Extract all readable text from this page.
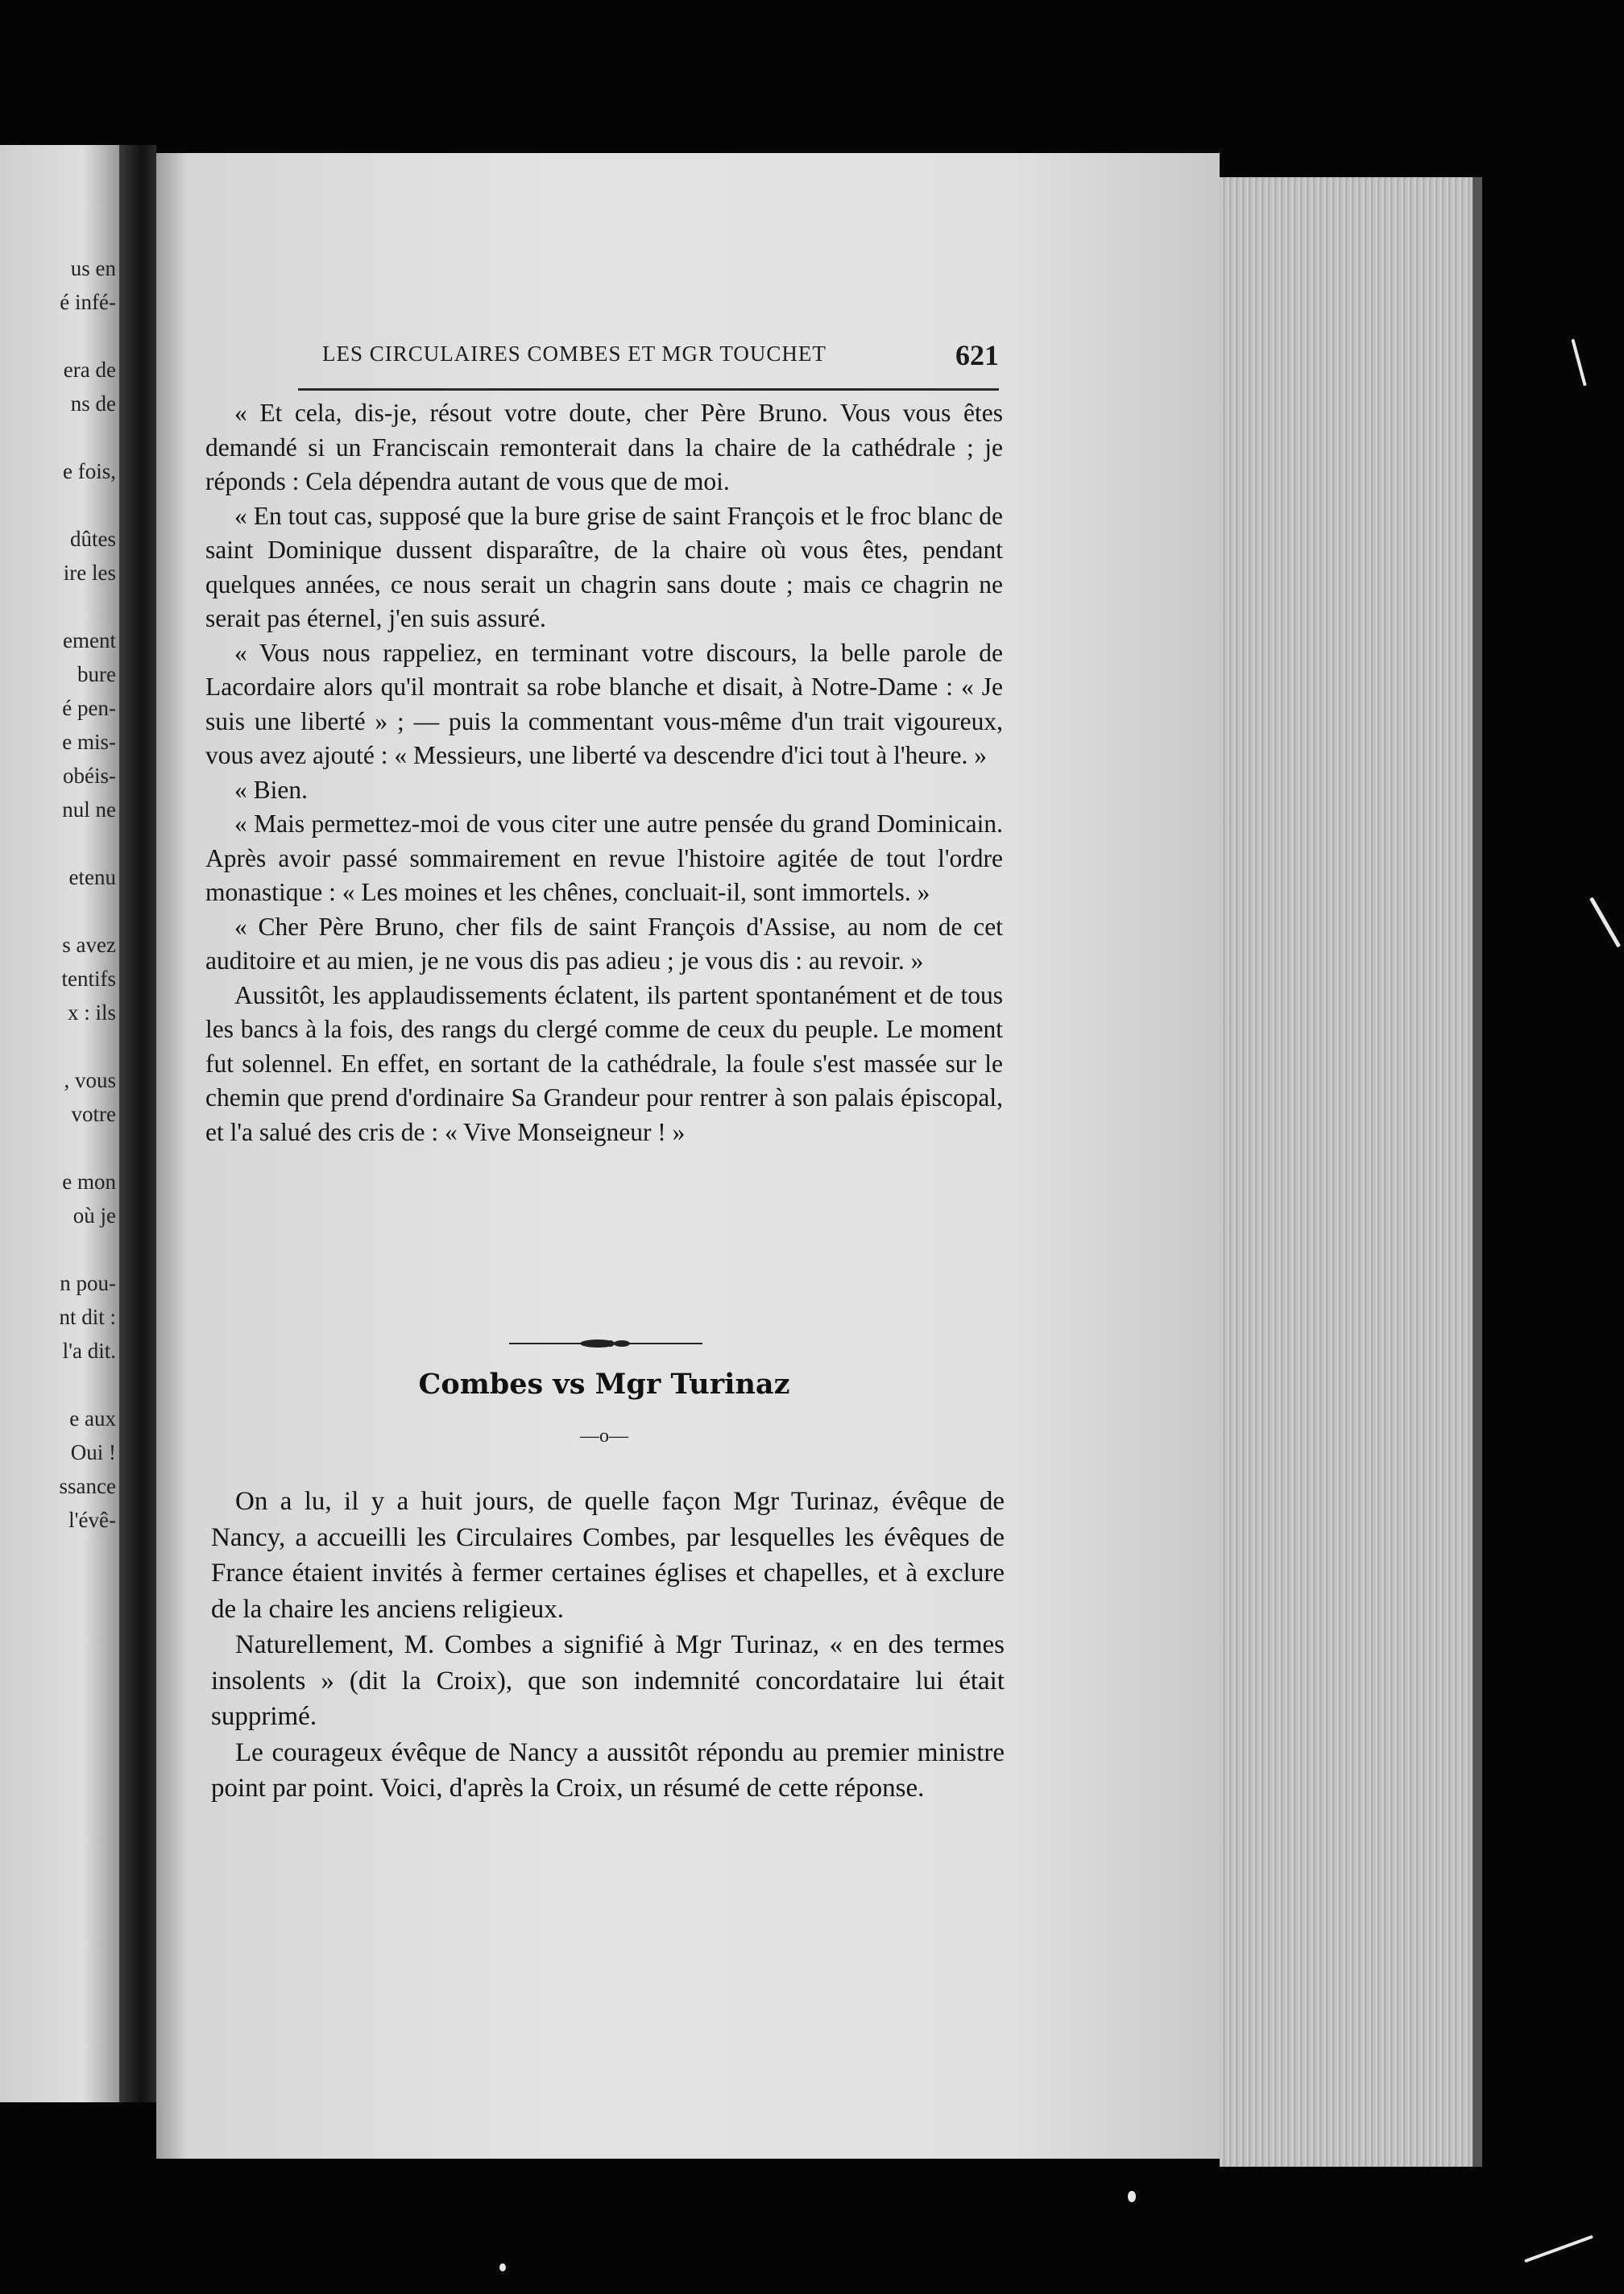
us en
é infé-
era de
ns de
e fois,
dûtes
ire les
ement
bure
é pen-
e mis-
obéis-
nul ne
etenu
s avez
tentifs
x : ils
, vous
votre
e mon
où je
n pou-
nt dit :
l'a dit.
e aux
Oui !
ssance
l'évê-
LES CIRCULAIRES COMBES ET MGR TOUCHET	621

« Et cela, dis-je, résout votre doute, cher Père Bruno. Vous vous êtes demandé si un Franciscain remonterait dans la chaire de la cathédrale ; je réponds : Cela dépendra autant de vous que de moi.

« En tout cas, supposé que la bure grise de saint François et le froc blanc de saint Dominique dussent disparaître, de la chaire où vous êtes, pendant quelques années, ce nous serait un chagrin sans doute ; mais ce chagrin ne serait pas éternel, j'en suis assuré.

« Vous nous rappeliez, en terminant votre discours, la belle parole de Lacordaire alors qu'il montrait sa robe blanche et disait, à Notre-Dame : « Je suis une liberté » ; — puis la commentant vous-même d'un trait vigoureux, vous avez ajouté : « Messieurs, une liberté va descendre d'ici tout à l'heure. »

« Bien.

« Mais permettez-moi de vous citer une autre pensée du grand Dominicain. Après avoir passé sommairement en revue l'histoire agitée de tout l'ordre monastique : « Les moines et les chênes, concluait-il, sont immortels. »

« Cher Père Bruno, cher fils de saint François d'Assise, au nom de cet auditoire et au mien, je ne vous dis pas adieu ; je vous dis : au revoir. »

Aussitôt, les applaudissements éclatent, ils partent spontanément et de tous les bancs à la fois, des rangs du clergé comme de ceux du peuple. Le moment fut solennel. En effet, en sortant de la cathédrale, la foule s'est massée sur le chemin que prend d'ordinaire Sa Grandeur pour rentrer à son palais épiscopal, et l'a salué des cris de : « Vive Monseigneur ! »

Combes vs Mgr Turinaz
—o—

On a lu, il y a huit jours, de quelle façon Mgr Turinaz, évêque de Nancy, a accueilli les Circulaires Combes, par lesquelles les évêques de France étaient invités à fermer certaines églises et chapelles, et à exclure de la chaire les anciens religieux.

Naturellement, M. Combes a signifié à Mgr Turinaz, « en des termes insolents » (dit la Croix), que son indemnité concordataire lui était supprimé.

Le courageux évêque de Nancy a aussitôt répondu au premier ministre point par point. Voici, d'après la Croix, un résumé de cette réponse.
